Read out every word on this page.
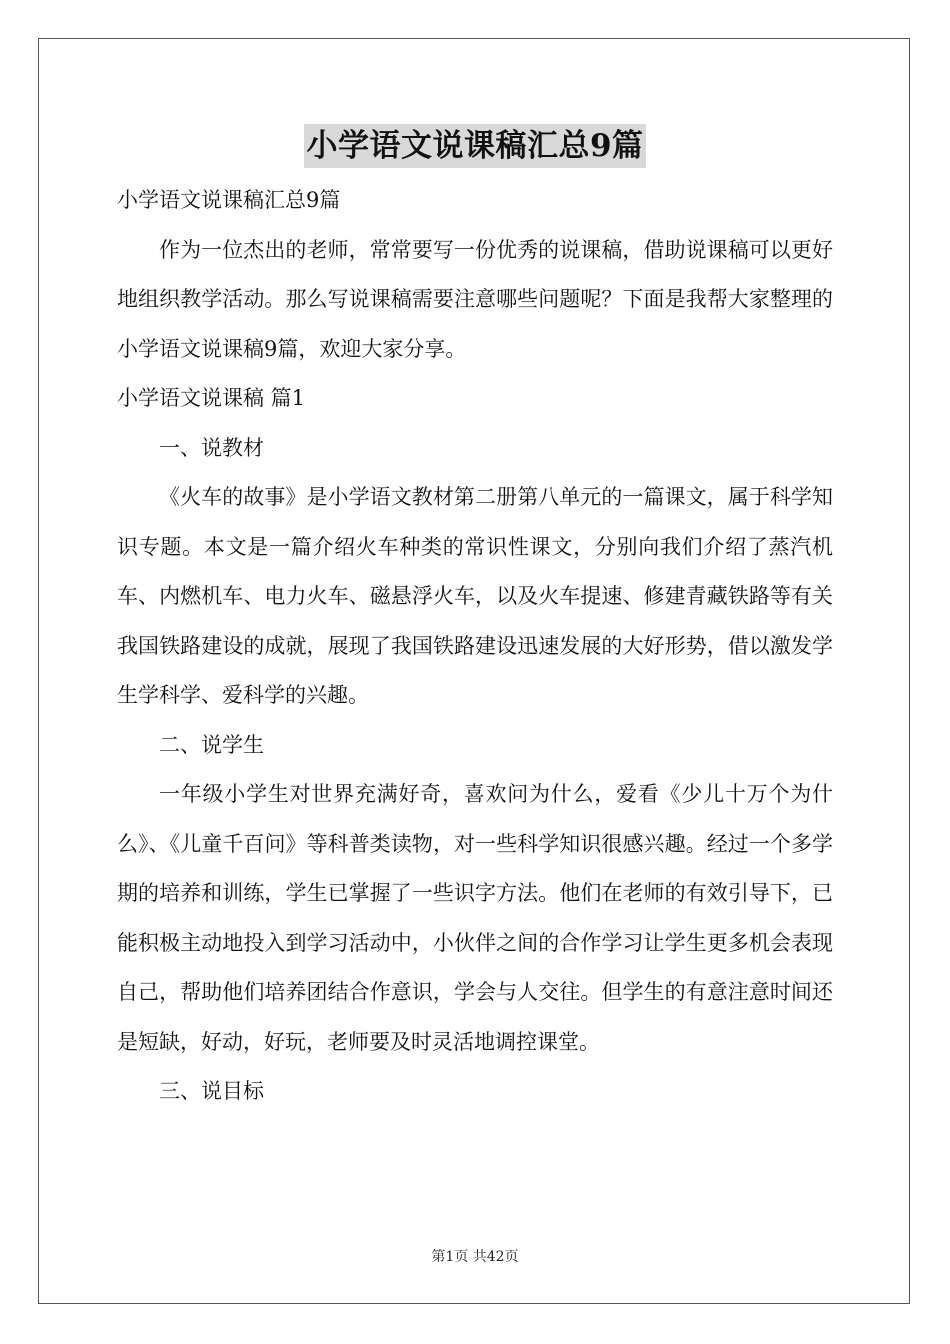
小学语文说课稿汇总9篇

小学语文说课稿汇总9篇

作为一位杰出的老师，常常要写一份优秀的说课稿，借助说课稿可以更好地组织教学活动。那么写说课稿需要注意哪些问题呢？下面是我帮大家整理的小学语文说课稿9篇，欢迎大家分享。

小学语文说课稿 篇1

一、说教材

《火车的故事》是小学语文教材第二册第八单元的一篇课文，属于科学知识专题。本文是一篇介绍火车种类的常识性课文，分别向我们介绍了蒸汽机车、内燃机车、电力火车、磁悬浮火车，以及火车提速、修建青藏铁路等有关我国铁路建设的成就，展现了我国铁路建设迅速发展的大好形势，借以激发学生学科学、爱科学的兴趣。

二、说学生

一年级小学生对世界充满好奇，喜欢问为什么，爱看《少儿十万个为什么》、《儿童千百问》等科普类读物，对一些科学知识很感兴趣。经过一个多学期的培养和训练，学生已掌握了一些识字方法。他们在老师的有效引导下，已能积极主动地投入到学习活动中，小伙伴之间的合作学习让学生更多机会表现自己，帮助他们培养团结合作意识，学会与人交往。但学生的有意注意时间还是短缺，好动，好玩，老师要及时灵活地调控课堂。

三、说目标

第1页 共42页
